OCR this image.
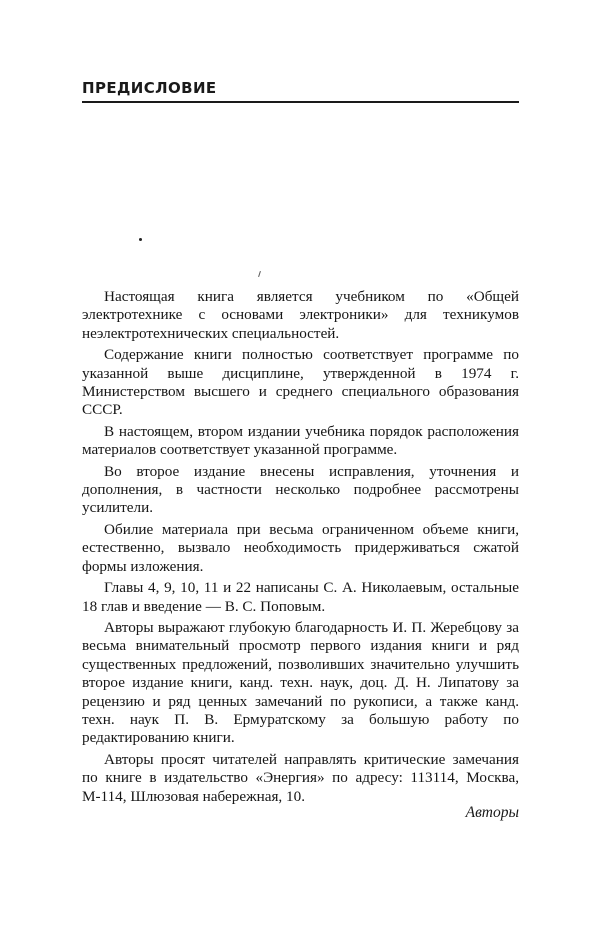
ПРЕДИСЛОВИЕ

Настоящая книга является учебником по «Общей электротехнике с основами электроники» для техникумов неэлектротехнических специальностей.

Содержание книги полностью соответствует программе по указанной выше дисциплине, утвержденной в 1974 г. Министерством высшего и среднего специального образования СССР.

В настоящем, втором издании учебника порядок расположения материалов соответствует указанной программе.

Во второе издание внесены исправления, уточнения и дополнения, в частности несколько подробнее рассмотрены усилители.

Обилие материала при весьма ограниченном объеме книги, естественно, вызвало необходимость придерживаться сжатой формы изложения.

Главы 4, 9, 10, 11 и 22 написаны С. А. Николаевым, остальные 18 глав и введение — В. С. Поповым.

Авторы выражают глубокую благодарность И. П. Жеребцову за весьма внимательный просмотр первого издания книги и ряд существенных предложений, позволивших значительно улучшить второе издание книги, канд. техн. наук, доц. Д. Н. Липатову за рецензию и ряд ценных замечаний по рукописи, а также канд. техн. наук П. В. Ермуратскому за большую работу по редактированию книги.

Авторы просят читателей направлять критические замечания по книге в издательство «Энергия» по адресу: 113114, Москва, М-114, Шлюзовая набережная, 10.

Авторы
